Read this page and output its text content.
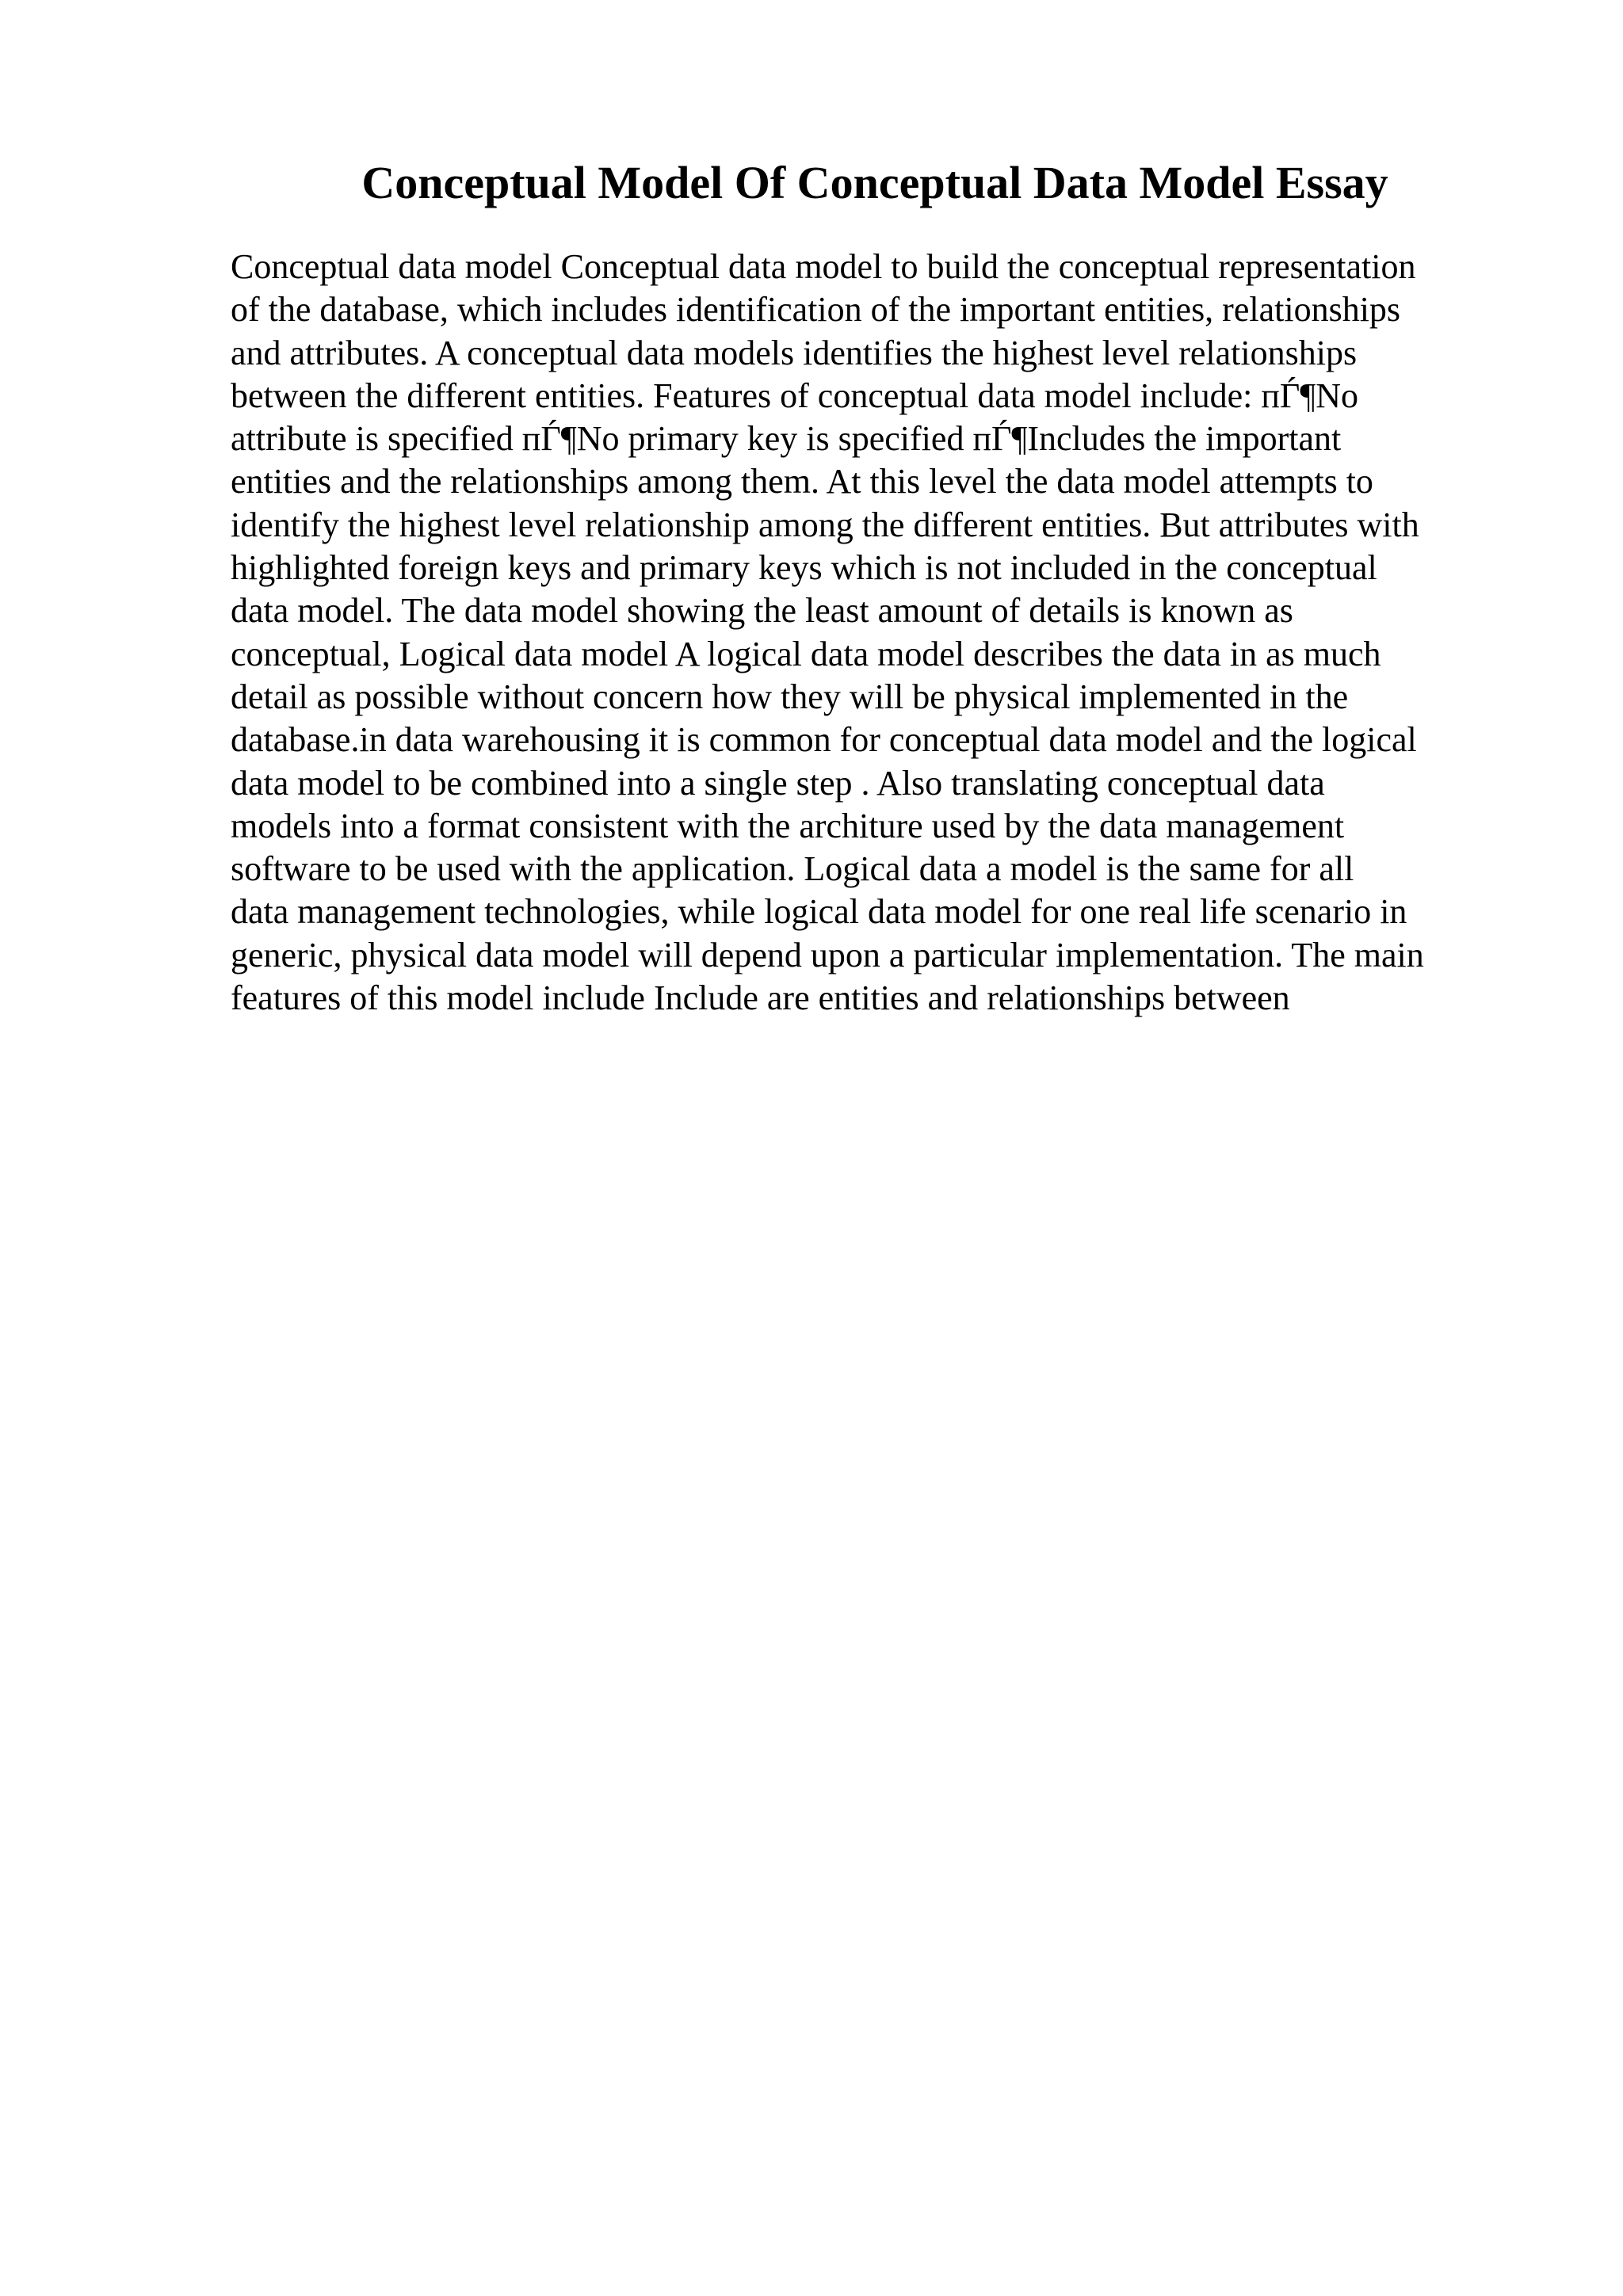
Conceptual Model Of Conceptual Data Model Essay
Conceptual data model Conceptual data model to build the conceptual representation
of the database, which includes identification of the important entities, relationships
and attributes. A conceptual data models identifies the highest level relationships
between the different entities. Features of conceptual data model include: пЃ¶No
attribute is specified пЃ¶No primary key is specified пЃ¶Includes the important
entities and the relationships among them. At this level the data model attempts to
identify the highest level relationship among the different entities. But attributes with
highlighted foreign keys and primary keys which is not included in the conceptual
data model. The data model showing the least amount of details is known as
conceptual, Logical data model A logical data model describes the data in as much
detail as possible without concern how they will be physical implemented in the
database.in data warehousing it is common for conceptual data model and the logical
data model to be combined into a single step . Also translating conceptual data
models into a format consistent with the architure used by the data management
software to be used with the application. Logical data a model is the same for all
data management technologies, while logical data model for one real life scenario in
generic, physical data model will depend upon a particular implementation. The main
features of this model include Include are entities and relationships between
